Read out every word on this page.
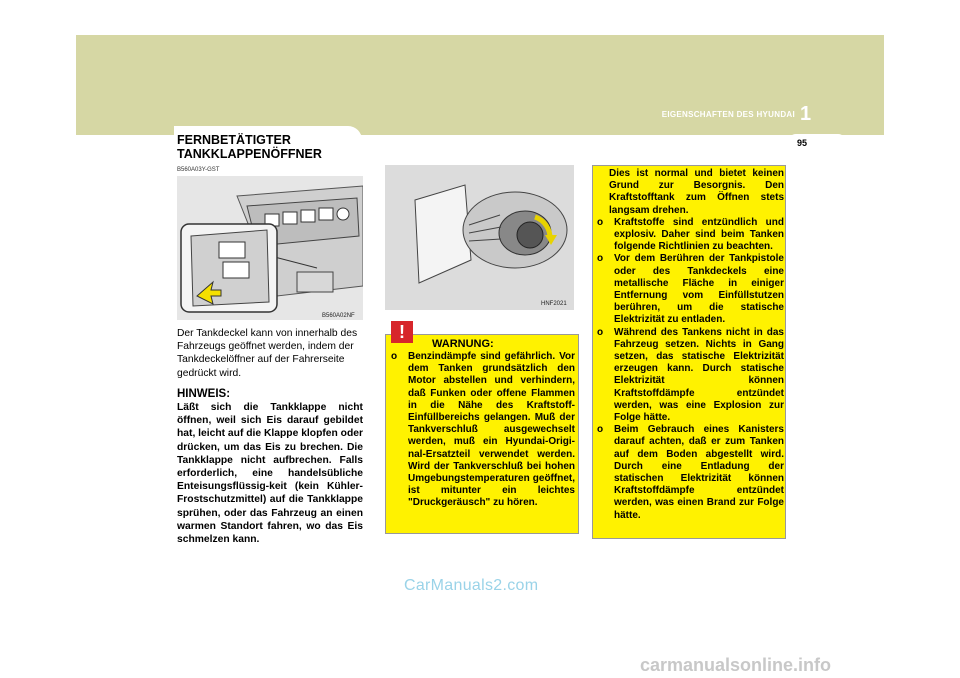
EIGENSCHAFTEN DES HYUNDAI 1
95
FERNBETÄTIGTER
TANKKLAPPENÖFFNER
B560A03Y-GST
B560A02NF
HNF2021

Der Tankdeckel kann von innerhalb des Fahrzeugs geöffnet werden, indem der Tankdeckelöffner auf der Fahrerseite gedrückt wird.

HINWEIS:

Läßt sich die Tankklappe nicht öffnen, weil sich Eis darauf gebildet hat, leicht auf die Klappe klopfen oder drücken, um das Eis zu brechen. Die Tankklappe nicht aufbrechen. Falls erforderlich, eine handelsübliche Enteisungsflüssig-keit (kein Kühler-Frostschutzmittel) auf die Tankklappe sprühen, oder das Fahrzeug an einen warmen Standort fahren, wo das Eis schmelzen kann.

!
WARNUNG:
o Benzindämpfe sind gefährlich. Vor dem Tanken grundsätzlich den Motor abstellen und verhindern, daß Funken oder offene Flammen in die Nähe des Kraftstoff-Einfüllbereichs gelangen. Muß der Tankverschluß ausgewechselt werden, muß ein Hyundai-Origi-nal-Ersatzteil verwendet werden. Wird der Tankverschluß bei hohen Umgebungstemperaturen geöffnet, ist mitunter ein leichtes "Druckgeräusch" zu hören.
Dies ist normal und bietet keinen Grund zur Besorgnis. Den Kraftstofftank zum Öffnen stets langsam drehen.
o Kraftstoffe sind entzündlich und explosiv. Daher sind beim Tanken folgende Richtlinien zu beachten.
o Vor dem Berühren der Tankpistole oder des Tankdeckels eine metallische Fläche in einiger Entfernung vom Einfüllstutzen berühren, um die statische Elektrizität zu entladen.
o Während des Tankens nicht in das Fahrzeug setzen. Nichts in Gang setzen, das statische Elektrizität erzeugen kann. Durch statische Elektrizität können Kraftstoffdämpfe entzündet werden, was eine Explosion zur Folge hätte.
o Beim Gebrauch eines Kanisters darauf achten, daß er zum Tanken auf dem Boden abgestellt wird. Durch eine Entladung der statischen Elektrizität können Kraftstoffdämpfe entzündet werden, was einen Brand zur Folge hätte.
CarManuals2.com
carmanualsonline.info
